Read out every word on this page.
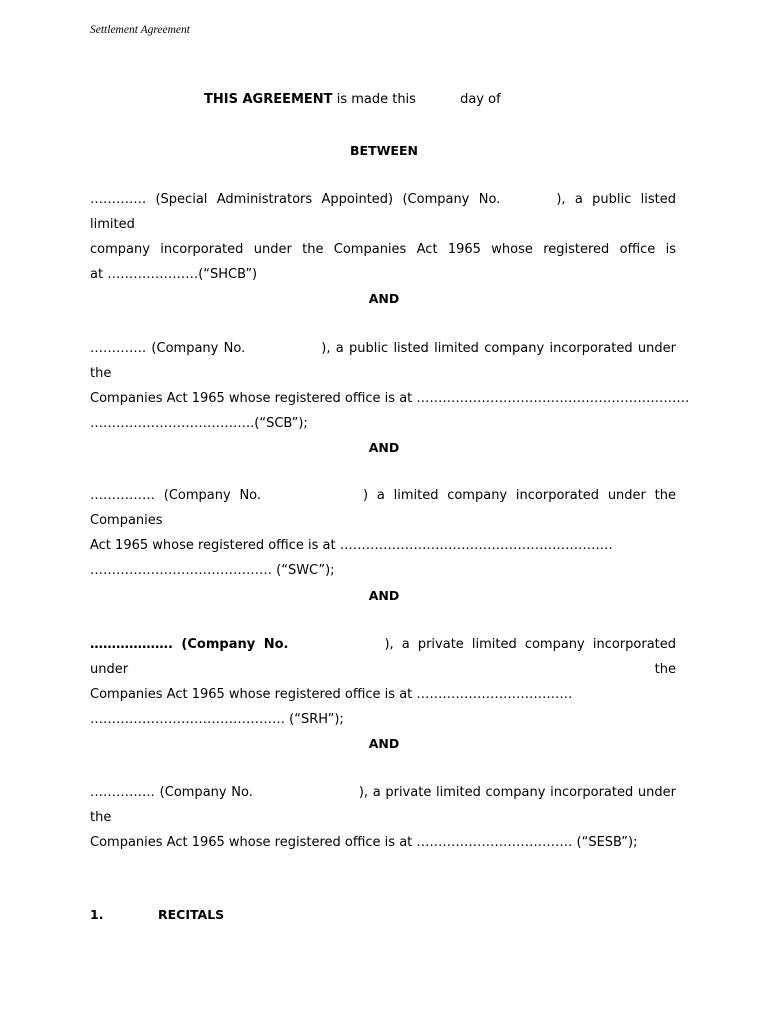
Settlement Agreement
THIS AGREEMENT is made this	day of
BETWEEN
…………. (Special Administrators Appointed) (Company No.	), a public listed limited
company incorporated under the Companies Act 1965 whose registered office is
at …………………(“SHCB”)
AND
…………. (Company No.	), a public listed limited company incorporated under the
Companies Act 1965 whose registered office is at ………………………………………………………
………………………………..(“SCB”);
AND
…………… (Company No.	) a limited company incorporated under the Companies
Act 1965 whose registered office is at ………………………………………………………
…………………………………… (“SWC”);
AND
………………. (Company No.	), a private limited company incorporated under the
Companies Act 1965 whose registered office is at ………………………………
……………………………………… (“SRH”);
AND
…………… (Company No.	), a private limited company incorporated under the
Companies Act 1965 whose registered office is at ……………………………… (“SESB”);
1.	RECITALS
